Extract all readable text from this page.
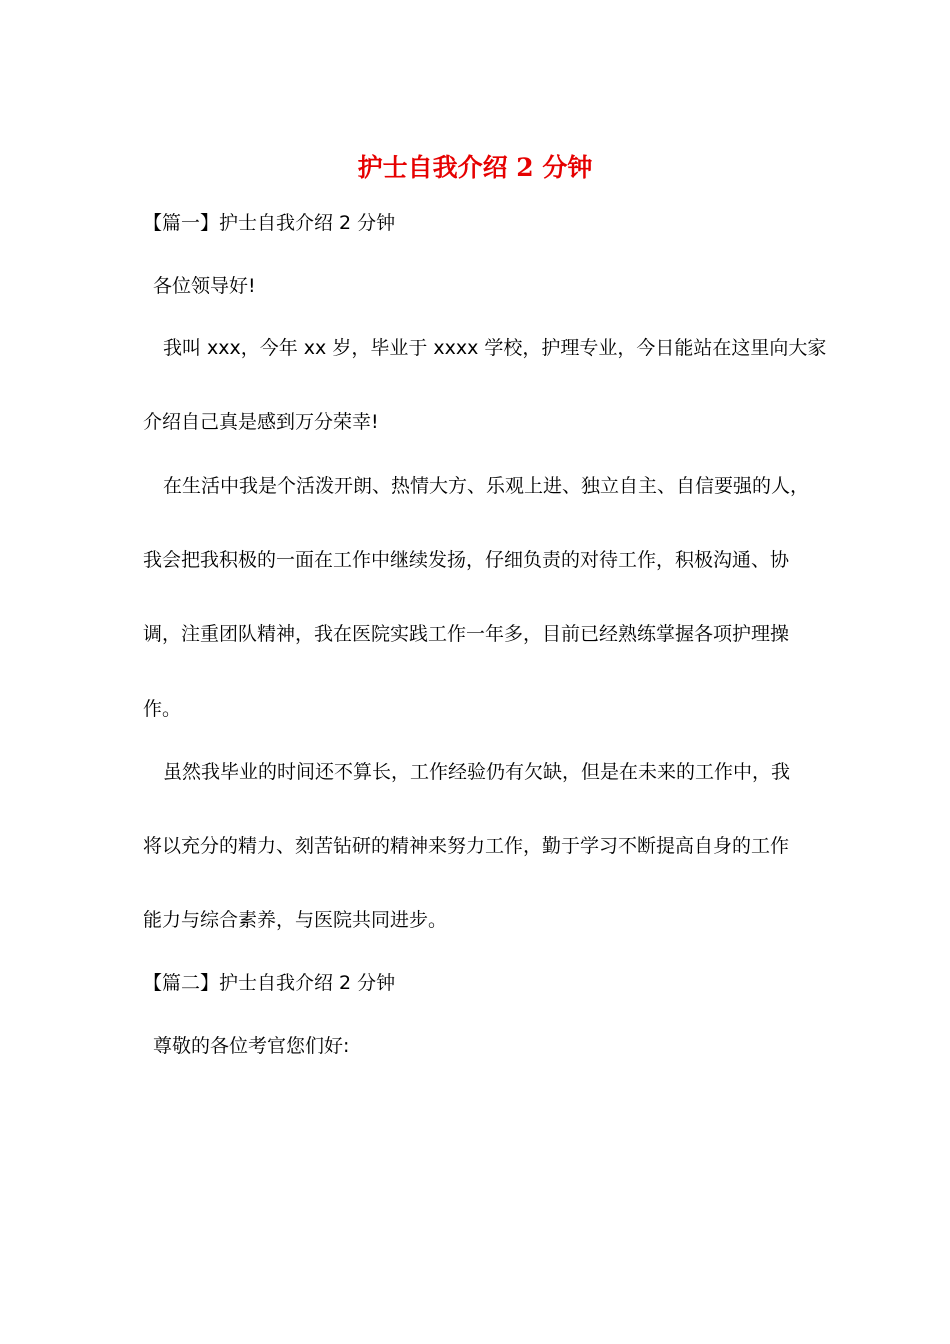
护士自我介绍 2 分钟
【篇一】护士自我介绍 2 分钟
各位领导好!
我叫 xxx，今年 xx 岁，毕业于 xxxx 学校，护理专业，今日能站在这里向大家
介绍自己真是感到万分荣幸!
在生活中我是个活泼开朗、热情大方、乐观上进、独立自主、自信要强的人，
我会把我积极的一面在工作中继续发扬，仔细负责的对待工作，积极沟通、协
调，注重团队精神，我在医院实践工作一年多，目前已经熟练掌握各项护理操
作。
虽然我毕业的时间还不算长，工作经验仍有欠缺，但是在未来的工作中，我
将以充分的精力、刻苦钻研的精神来努力工作，勤于学习不断提高自身的工作
能力与综合素养，与医院共同进步。
【篇二】护士自我介绍 2 分钟
尊敬的各位考官您们好:
